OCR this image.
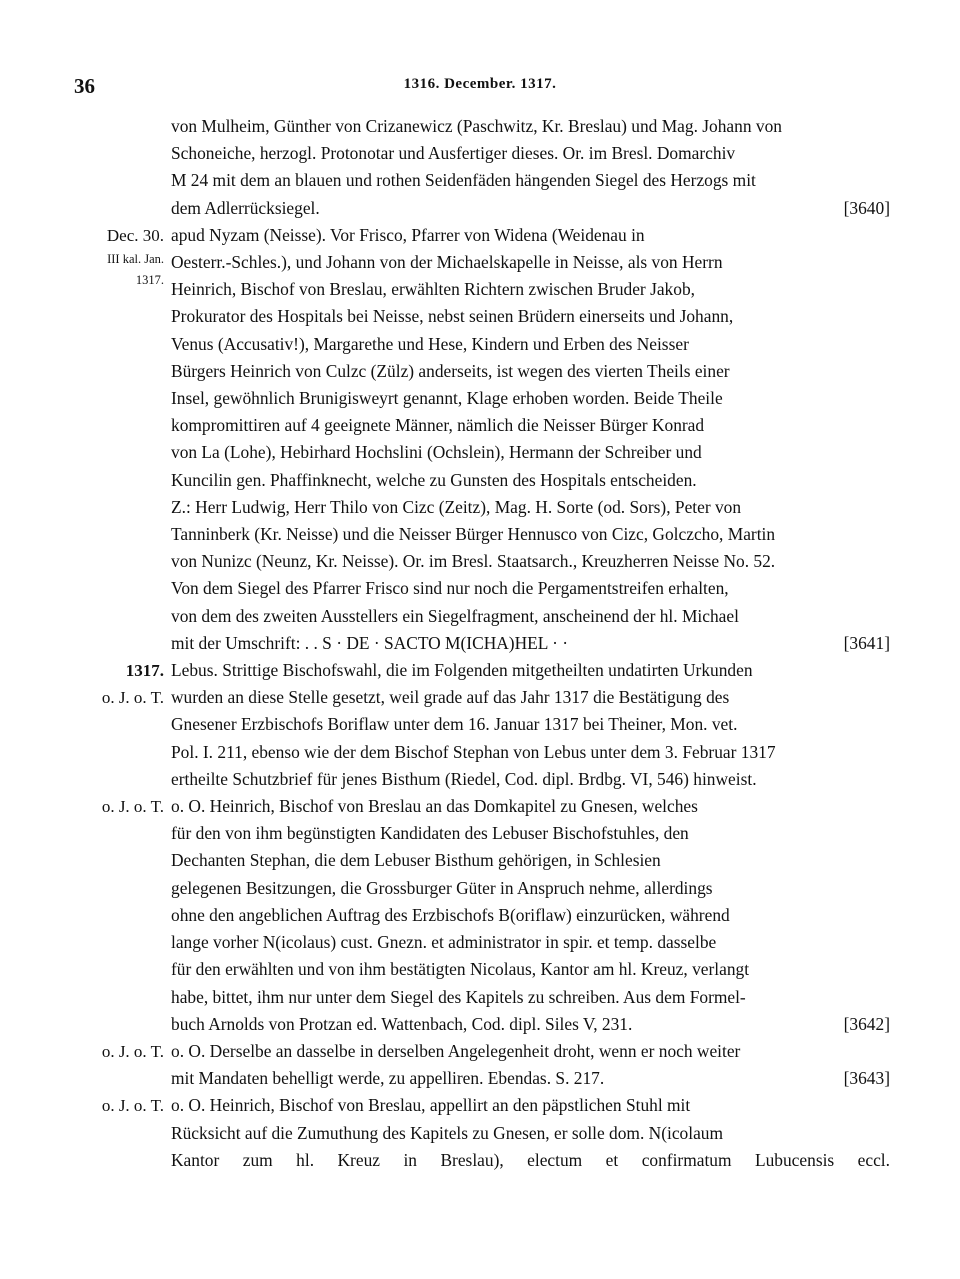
36	1316. December. 1317.
von Mulheim, Günther von Crizanewicz (Paschwitz, Kr. Breslau) und Mag. Johann von
Schoneiche, herzogl. Protonotar und Ausfertiger dieses. Or. im Bresl. Domarchiv
M 24 mit dem an blauen und rothen Seidenfäden hängenden Siegel des Herzogs mit
dem Adlerrücksiegel.	[3640]
Dec. 30.
III kal. Jan.
1317.
apud Nyzam (Neisse). Vor Frisco, Pfarrer von Widena (Weidenau in
Oesterr.-Schles.), und Johann von der Michaelskapelle in Neisse, als von Herrn
Heinrich, Bischof von Breslau, erwählten Richtern zwischen Bruder Jakob,
Prokurator des Hospitals bei Neisse, nebst seinen Brüdern einerseits und Johann,
Venus (Accusativ!), Margarethe und Hese, Kindern und Erben des Neisser
Bürgers Heinrich von Culzc (Zülz) anderseits, ist wegen des vierten Theils einer
Insel, gewöhnlich Brunigisweyrt genannt, Klage erhoben worden. Beide Theile
kompromittiren auf 4 geeignete Männer, nämlich die Neisser Bürger Konrad
von La (Lohe), Hebirhard Hochslini (Ochslein), Hermann der Schreiber und
Kuncilin gen. Phaffinknecht, welche zu Gunsten des Hospitals entscheiden.
Z.: Herr Ludwig, Herr Thilo von Cizc (Zeitz), Mag. H. Sorte (od. Sors), Peter von
Tanninberk (Kr. Neisse) und die Neisser Bürger Hennusco von Cizc, Golczcho, Martin
von Nunizc (Neunz, Kr. Neisse). Or. im Bresl. Staatsarch., Kreuzherren Neisse No. 52.
Von dem Siegel des Pfarrer Frisco sind nur noch die Pergamentstreifen erhalten,
von dem des zweiten Ausstellers ein Siegelfragment, anscheinend der hl. Michael
mit der Umschrift: . . S · DE · SACTO M(ICHA)HEL · ·	[3641]
1317.
o. J. o. T.
Lebus. Strittige Bischofswahl, die im Folgenden mitgetheilten undatirten Urkunden
wurden an diese Stelle gesetzt, weil grade auf das Jahr 1317 die Bestätigung des
Gnesener Erzbischofs Boriflaw unter dem 16. Januar 1317 bei Theiner, Mon. vet.
Pol. I. 211, ebenso wie der dem Bischof Stephan von Lebus unter dem 3. Februar 1317
ertheilte Schutzbrief für jenes Bisthum (Riedel, Cod. dipl. Brdbg. VI, 546) hinweist.
o. J. o. T. o. O. Heinrich, Bischof von Breslau an das Domkapitel zu Gnesen, welches
für den von ihm begünstigten Kandidaten des Lebuser Bischofstuhles, den
Dechanten Stephan, die dem Lebuser Bisthum gehörigen, in Schlesien
gelegenen Besitzungen, die Grossburger Güter in Anspruch nehme, allerdings
ohne den angeblichen Auftrag des Erzbischofs B(oriflaw) einzurücken, während
lange vorher N(icolaus) cust. Gnezn. et administrator in spir. et temp. dasselbe
für den erwählten und von ihm bestätigten Nicolaus, Kantor am hl. Kreuz, verlangt
habe, bittet, ihm nur unter dem Siegel des Kapitels zu schreiben. Aus dem Formel-
buch Arnolds von Protzan ed. Wattenbach, Cod. dipl. Siles V, 231.	[3642]
o. J. o. T. o. O. Derselbe an dasselbe in derselben Angelegenheit droht, wenn er noch weiter
mit Mandaten behelligt werde, zu appelliren. Ebendas. S. 217.	[3643]
o. J. o. T. o. O. Heinrich, Bischof von Breslau, appellirt an den päpstlichen Stuhl mit
Rücksicht auf die Zumuthung des Kapitels zu Gnesen, er solle dom. N(icolaum
Kantor zum hl. Kreuz in Breslau), electum et confirmatum Lubucensis eccl.
